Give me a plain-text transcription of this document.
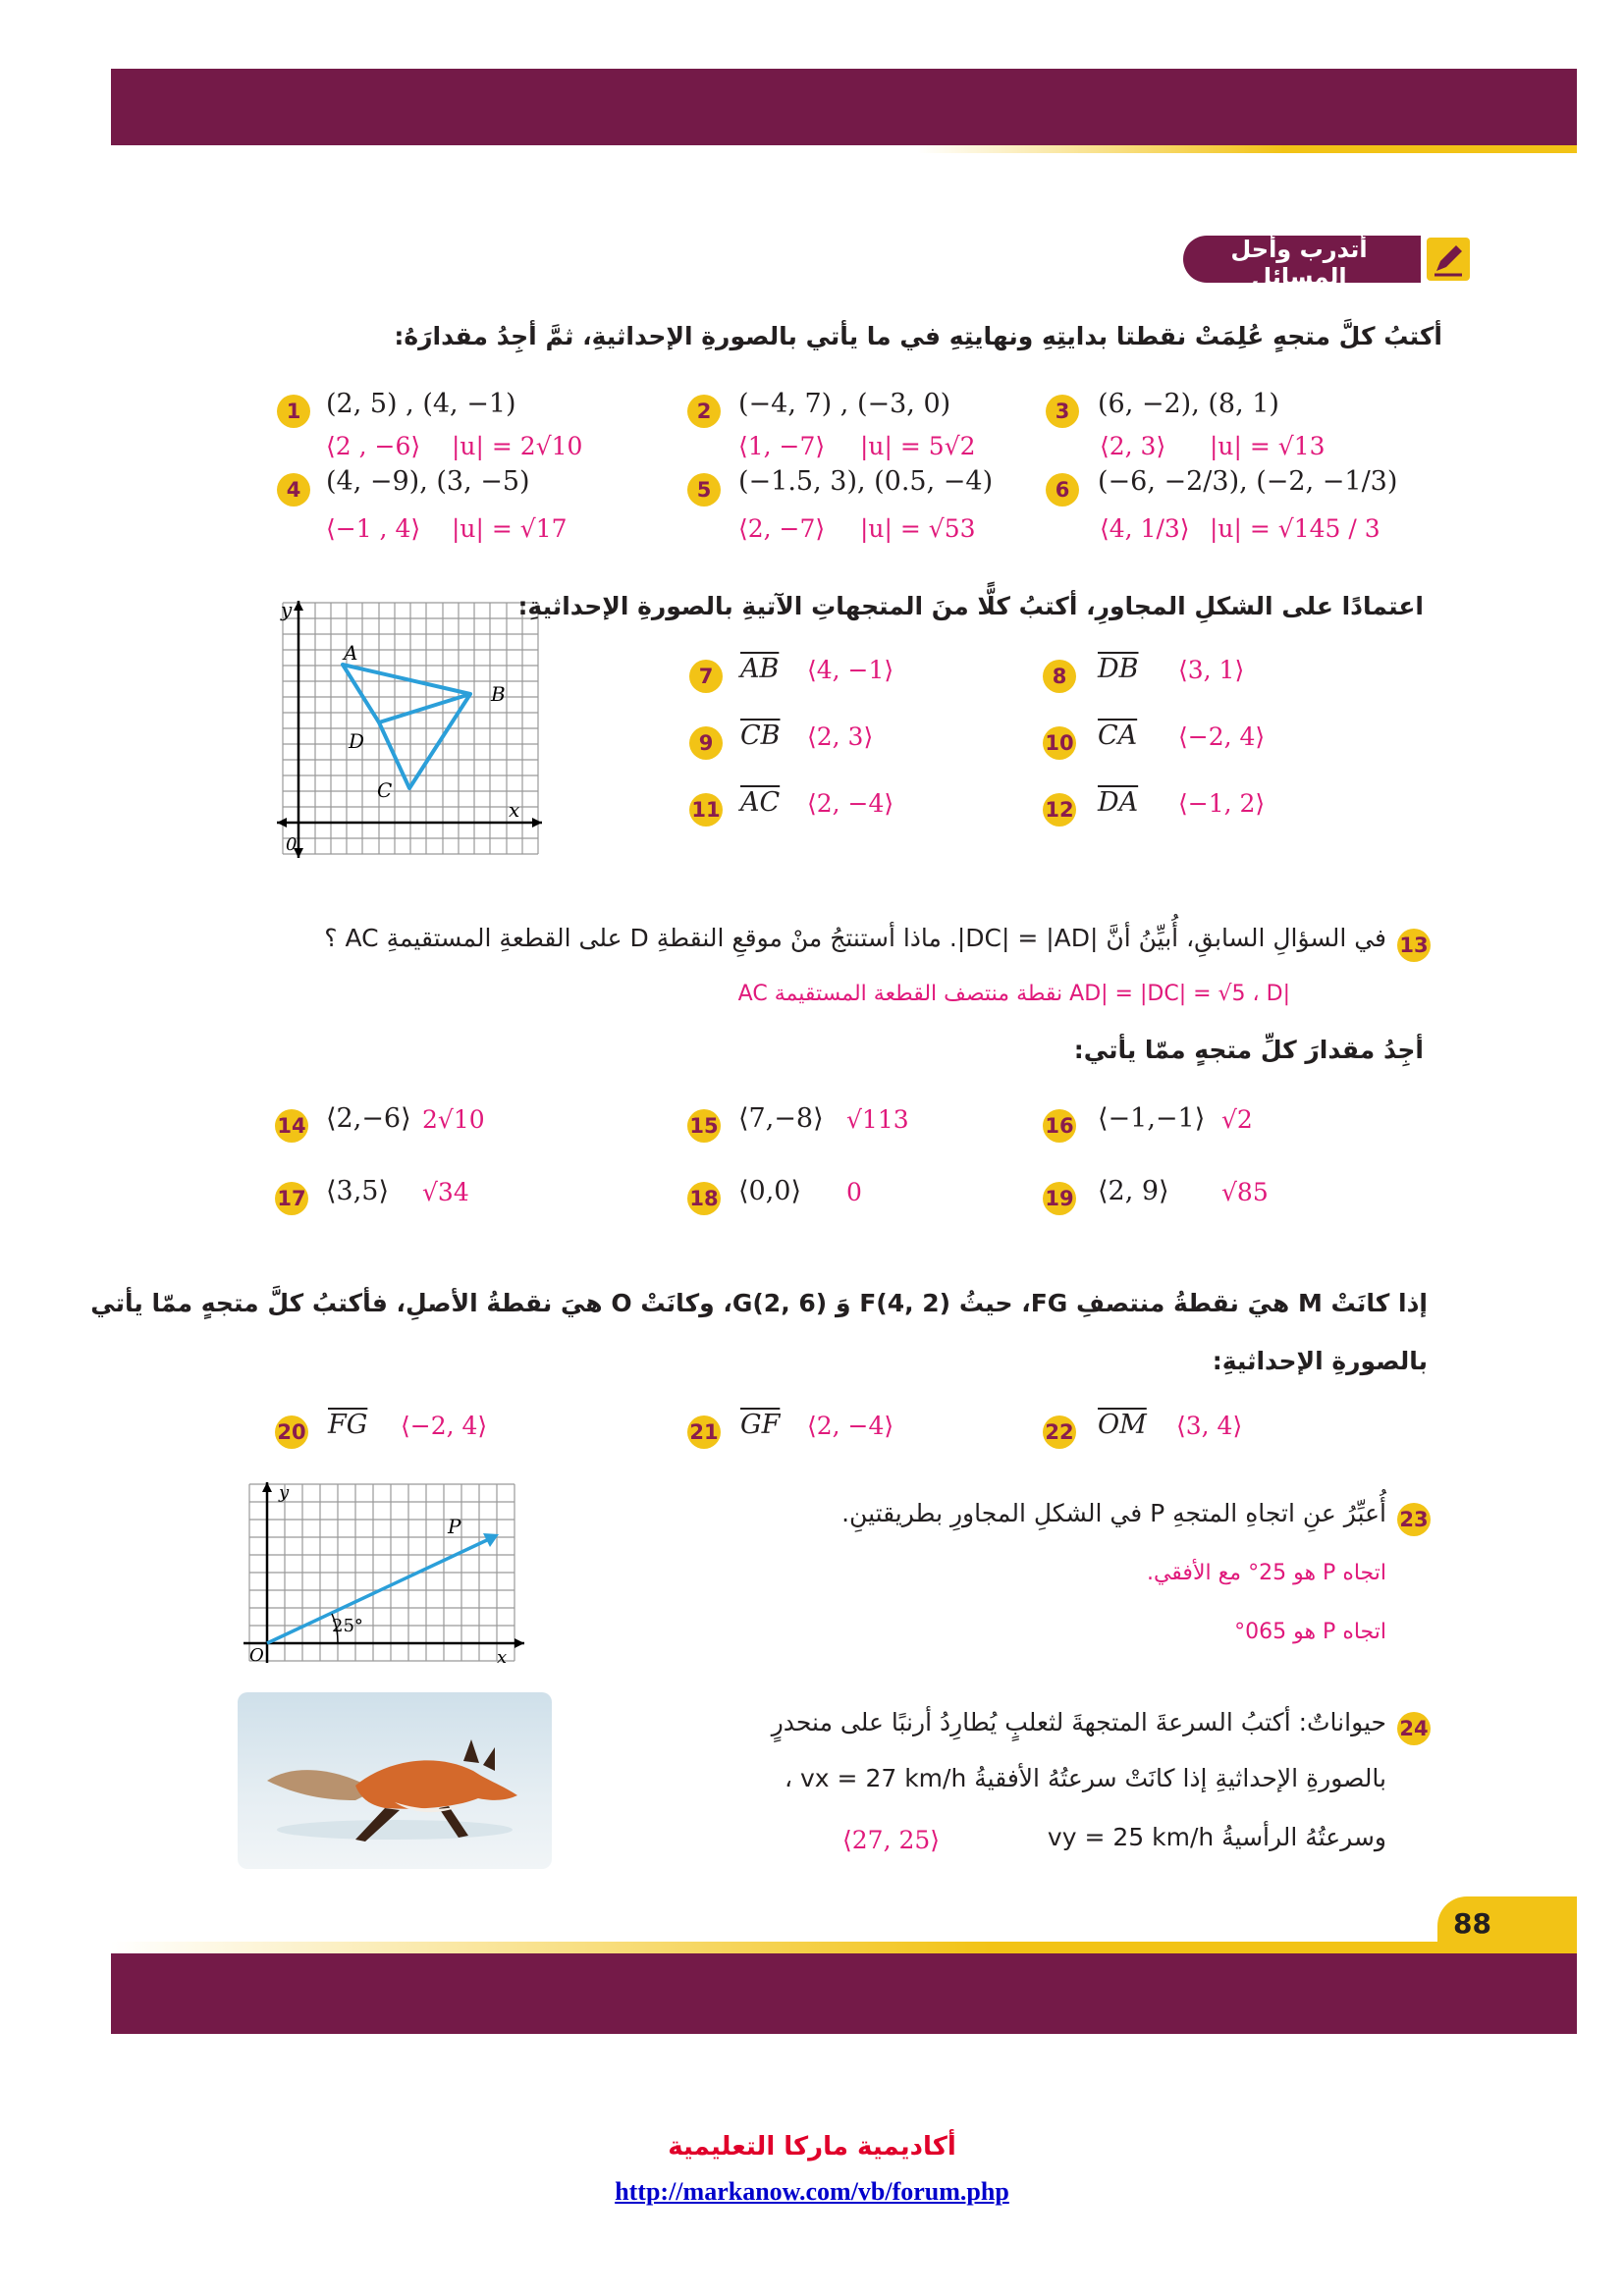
أتدرب وأحل المسائل
أكتبُ كلَّ متجهٍ عُلِمَتْ نقطتا بدايتِهِ ونهايتِهِ في ما يأتي بالصورةِ الإحداثيةِ، ثمَّ أجِدُ مقدارَهُ:
A
B
C
D
x
y
0
اعتمادًا على الشكلِ المجاورِ، أكتبُ كلًّا منَ المتجهاتِ الآتيةِ بالصورةِ الإحداثيةِ:
13
في السؤالِ السابقِ، أُبيِّنُ أنَّ |DC| = |AD|. ماذا أستنتجُ منْ موقعِ النقطةِ D على القطعةِ المستقيمةِ AC ؟
|AD| = |DC| = √5 ، D نقطة منتصف القطعة المستقيمة AC
أجِدُ مقدارَ كلِّ متجهٍ ممّا يأتي:
إذا كانَتْ M هيَ نقطةُ منتصفِ FG، حيثُ F(4, 2) وَ G(2, 6)، وكانَتْ O هيَ نقطةُ الأصلِ، فأكتبُ كلَّ متجهٍ ممّا يأتي
بالصورةِ الإحداثيةِ:
P
25°
y
x
O
23
أُعبِّرُ عنِ اتجاهِ المتجهِ P في الشكلِ المجاورِ بطريقتينِ.
اتجاه P هو 25° مع الأفقي.
اتجاه P هو 065°
24
حيواناتٌ: أكتبُ السرعةَ المتجهةَ لثعلبٍ يُطارِدُ أرنبًا على منحدرٍ
بالصورةِ الإحداثيةِ إذا كانَتْ سرعتُهُ الأفقيةُ vx = 27 km/h ،
وسرعتُهُ الرأسيةُ vy = 25 km/h
⟨27, 25⟩
88
أكاديمية ماركا التعليمية
http://markanow.com/vb/forum.php
1 (2, 5) , (4, −1)
⟨2 , −6⟩ |u| = 2√10
2	(−4, 7) , (−3, 0)
⟨1, −7⟩ |u| = 5√2
3	(6, −2), (8, 1)
⟨2, 3⟩ |u| = √13
4 (4, −9), (3, −5)
⟨−1 , 4⟩ |u| = √17
5	(−1.5, 3), (0.5, −4)
⟨2, −7⟩ |u| = √53
6	(−6, −2/3), (−2, −1/3)
⟨4, 1/3⟩ |u| = √145 / 3
7	$\overline{AB}$ ⟨4, −1⟩	8	$\overline{DB}$ ⟨3, 1⟩
9	$\overline{CB}$ ⟨2, 3⟩	10 $\overline{CA}$ ⟨−2, 4⟩
11 $\overline{AC}$ ⟨2, −4⟩	12 $\overline{DA}$ ⟨−1, 2⟩
14 ⟨2,−6⟩ 2√10	15 ⟨7,−8⟩ √113	16 ⟨−1,−1⟩ √2
17 ⟨3,5⟩ √34	18 ⟨0,0⟩ 0	19 ⟨2, 9⟩ √85
20 $\overline{FG}$ ⟨−2, 4⟩	21 $\overline{GF}$ ⟨2, −4⟩	22 $\overline{OM}$ ⟨3, 4⟩
